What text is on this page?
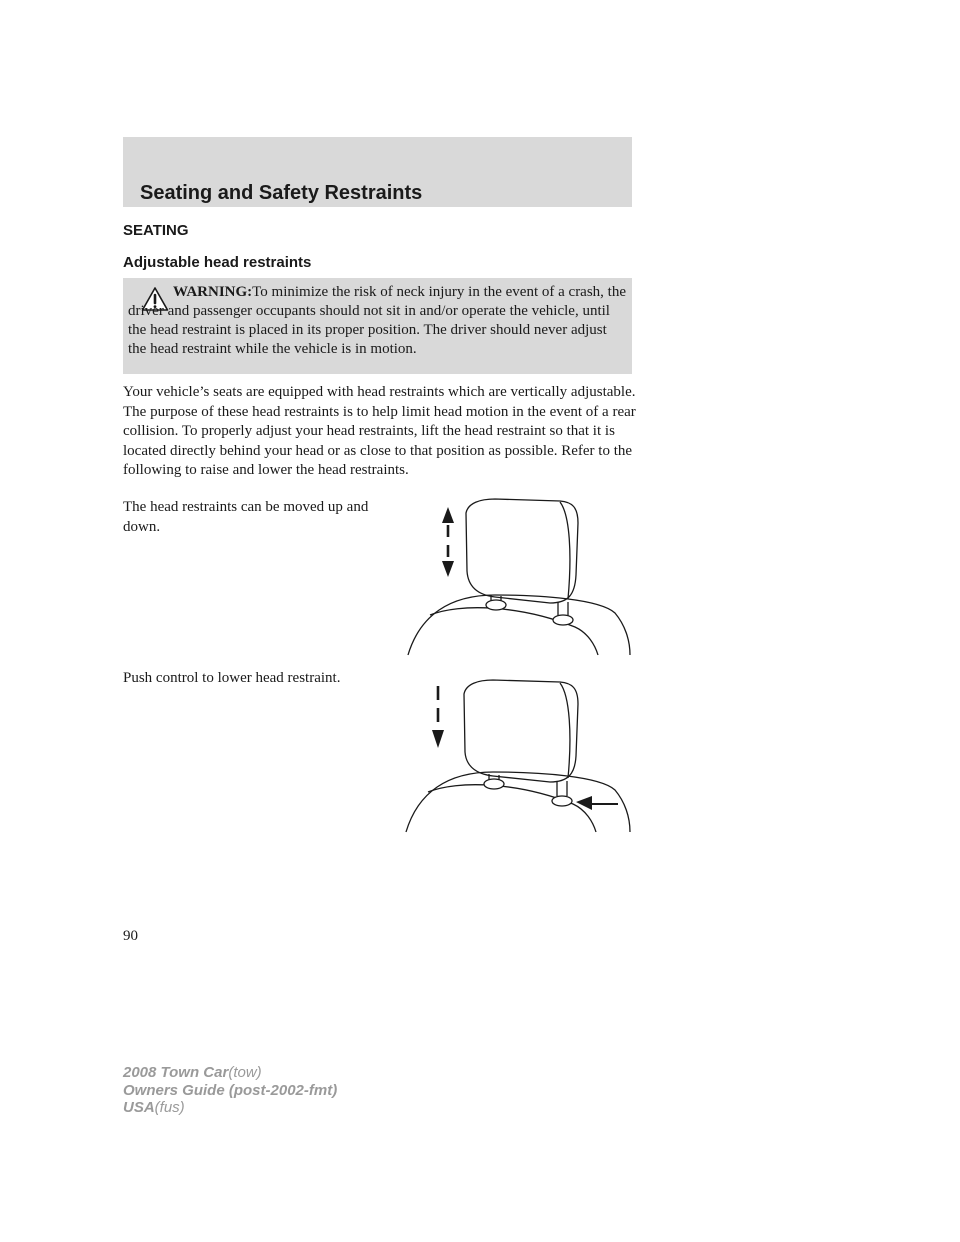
Seating and Safety Restraints
SEATING
Adjustable head restraints

WARNING:To minimize the risk of neck injury in the event of a crash, the driver and passenger occupants should not sit in and/or operate the vehicle, until the head restraint is placed in its proper position. The driver should never adjust the head restraint while the vehicle is in motion.

Your vehicle’s seats are equipped with head restraints which are vertically adjustable. The purpose of these head restraints is to help limit head motion in the event of a rear collision. To properly adjust your head restraints, lift the head restraint so that it is located directly behind your head or as close to that position as possible. Refer to the following to raise and lower the head restraints.

The head restraints can be moved up and down.

Push control to lower head restraint.

90
2008 Town Car(tow)
Owners Guide (post-2002-fmt)
USA(fus)
